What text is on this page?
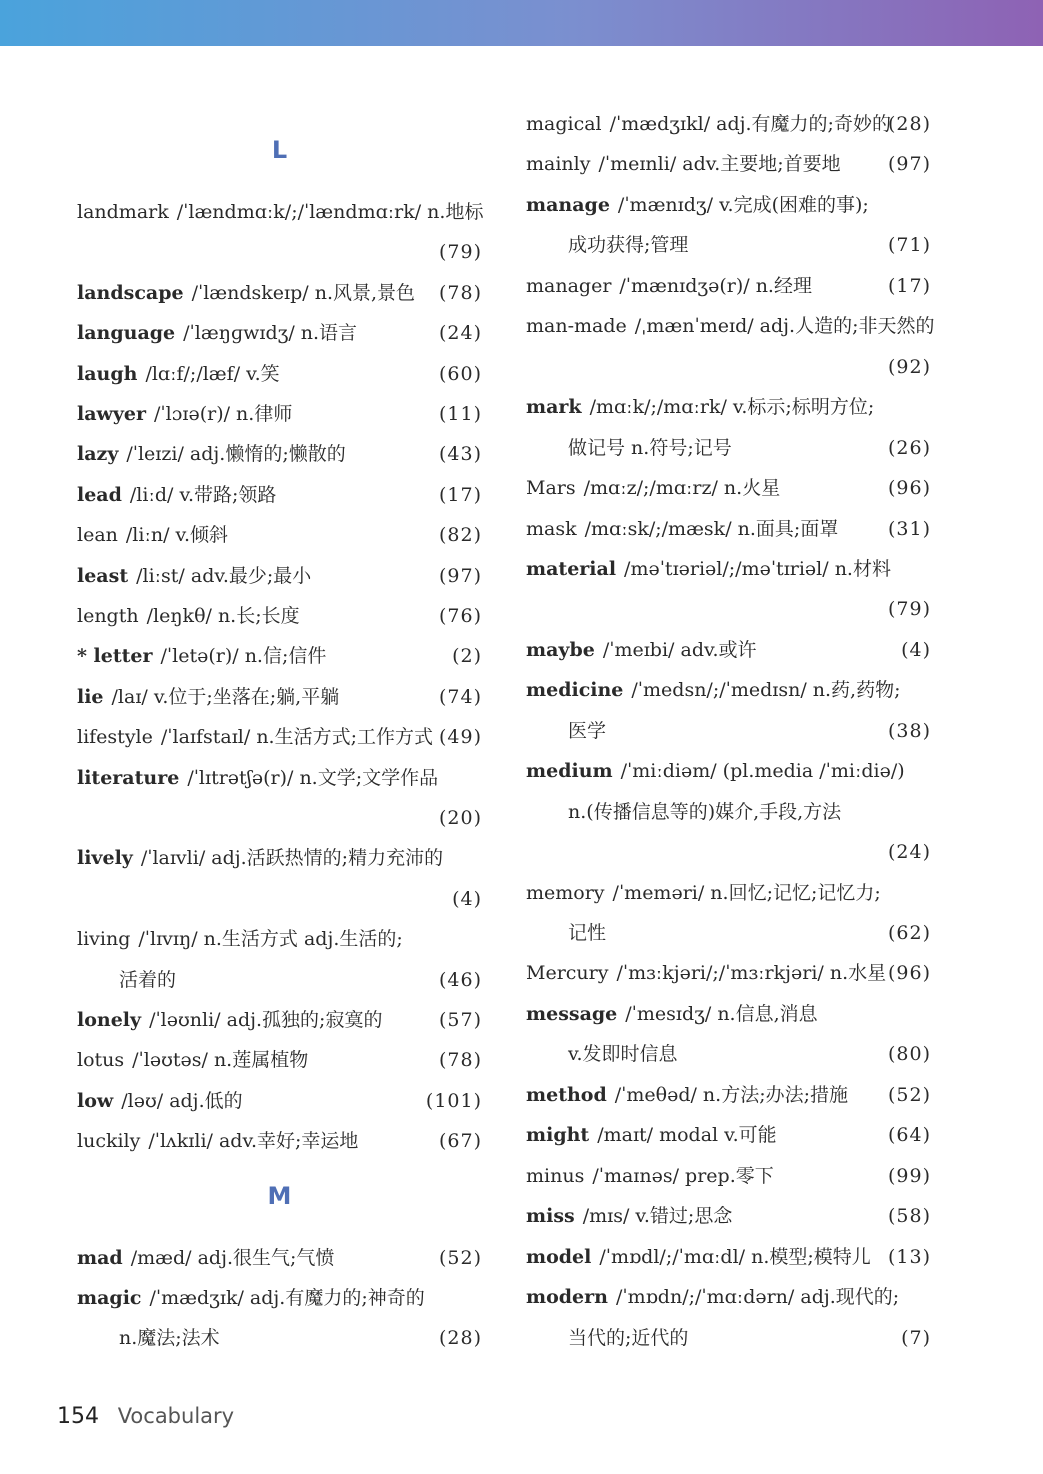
L
landmark /ˈlændmɑːk/;/ˈlændmɑːrk/ n.地标
(79)
landscape /ˈlændskeɪp/ n.风景,景色 (78)
language /ˈlæŋɡwɪdʒ/ n.语言	(24)
laugh /lɑːf/;/læf/ v.笑	(60)
lawyer /ˈlɔɪə(r)/ n.律师	(11)
lazy /ˈleɪzi/ adj.懒惰的;懒散的	(43)
lead /liːd/ v.带路;领路	(17)
lean /liːn/ v.倾斜	(82)
least /liːst/ adv.最少;最小	(97)
length /leŋkθ/ n.长;长度	(76)
* letter /ˈletə(r)/ n.信;信件	(2)
lie /laɪ/ v.位于;坐落在;躺,平躺	(74)
lifestyle /ˈlaɪfstaɪl/ n.生活方式;工作方式 (49)
literature /ˈlɪtrətʃə(r)/ n.文学;文学作品
(20)
lively /ˈlaɪvli/ adj.活跃热情的;精力充沛的
(4)
living /ˈlɪvɪŋ/ n.生活方式 adj.生活的;
活着的	(46)
lonely /ˈləʊnli/ adj.孤独的;寂寞的	(57)
lotus /ˈləʊtəs/ n.莲属植物	(78)
low /ləʊ/ adj.低的	(101)
luckily /ˈlʌkɪli/ adv.幸好;幸运地	(67)
M
mad /mæd/ adj.很生气;气愤	(52)
magic /ˈmædʒɪk/ adj.有魔力的;神奇的
n.魔法;法术	(28)
magical /ˈmædʒɪkl/ adj.有魔力的;奇妙的
(28)
mainly /ˈmeɪnli/ adv.主要地;首要地 (97)
manage /ˈmænɪdʒ/ v.完成(困难的事);
成功获得;管理	(71)
manager /ˈmænɪdʒə(r)/ n.经理	(17)
man-made /ˌmænˈmeɪd/ adj.人造的;非天然的
(92)
mark /mɑːk/;/mɑːrk/ v.标示;标明方位;
做记号 n.符号;记号	(26)
Mars /mɑːz/;/mɑːrz/ n.火星	(96)
mask /mɑːsk/;/mæsk/ n.面具;面罩	(31)
material /məˈtɪəriəl/;/məˈtɪriəl/ n.材料
(79)
maybe /ˈmeɪbi/ adv.或许	(4)
medicine /ˈmedsn/;/ˈmedɪsn/ n.药,药物;
医学	(38)
medium /ˈmiːdiəm/ (pl.media /ˈmiːdiə/)
n.(传播信息等的)媒介,手段,方法
(24)
memory /ˈmeməri/ n.回忆;记忆;记忆力;
记性	(62)
Mercury /ˈmɜːkjəri/;/ˈmɜːrkjəri/ n.水星 (96)
message /ˈmesɪdʒ/ n.信息,消息
v.发即时信息	(80)
method /ˈmeθəd/ n.方法;办法;措施 (52)
might /maɪt/ modal v.可能	(64)
minus /ˈmaɪnəs/ prep.零下	(99)
miss /mɪs/ v.错过;思念	(58)
model /ˈmɒdl/;/ˈmɑːdl/ n.模型;模特儿 (13)
modern /ˈmɒdn/;/ˈmɑːdərn/ adj.现代的;
当代的;近代的	(7)
154 Vocabulary
